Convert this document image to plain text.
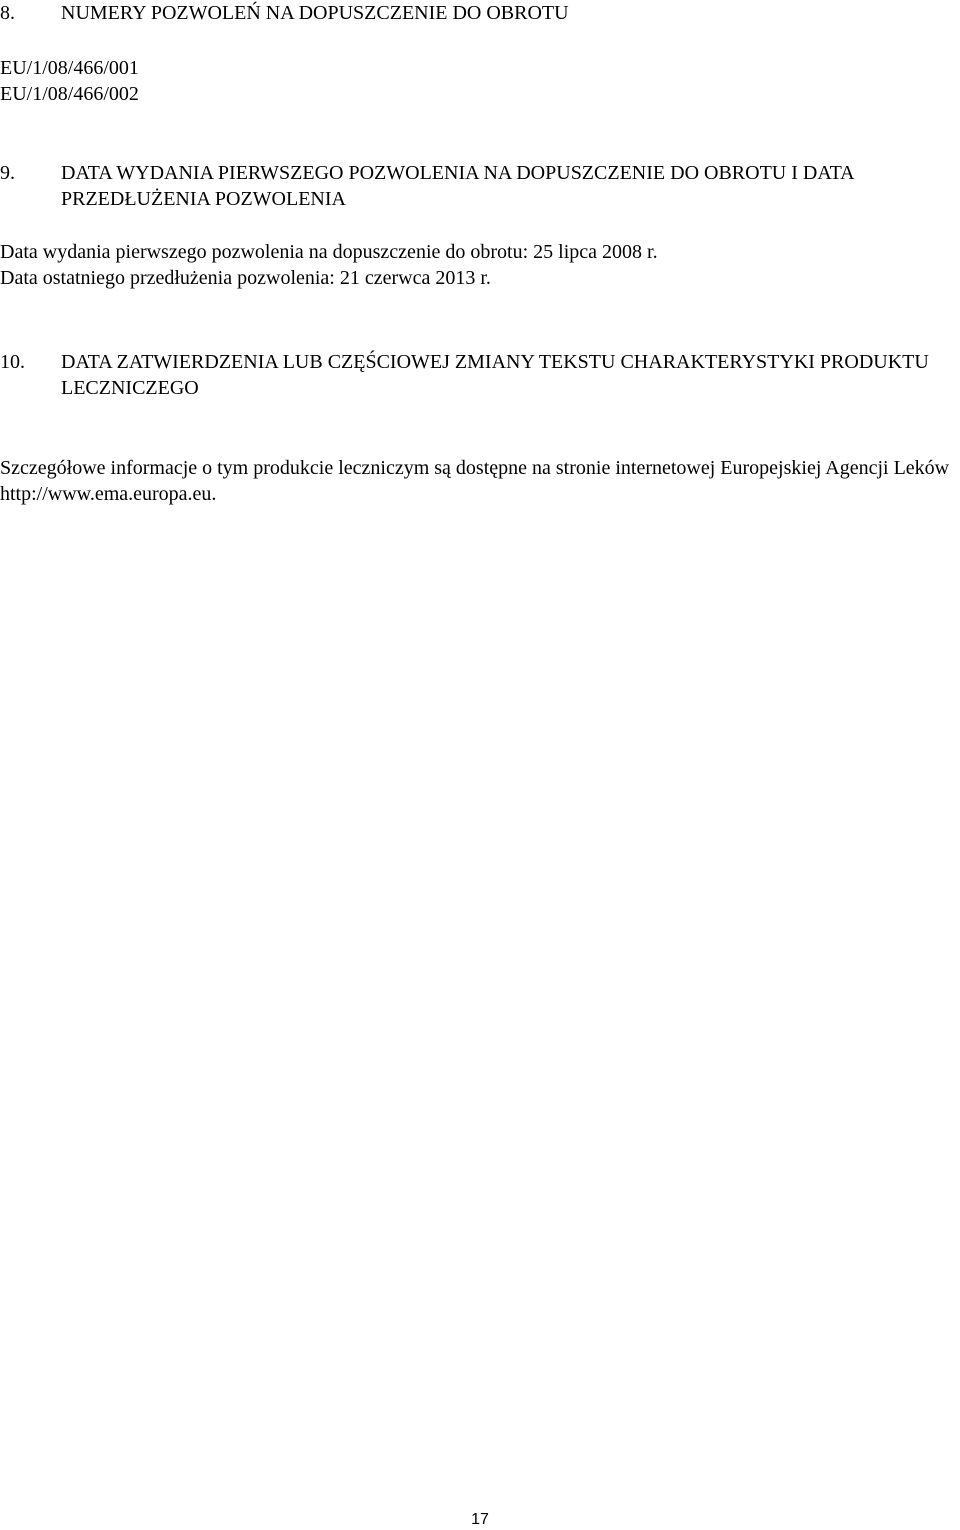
8. NUMERY POZWOLEŃ NA DOPUSZCZENIE DO OBROTU

EU/1/08/466/001

EU/1/08/466/002

9. DATA WYDANIA PIERWSZEGO POZWOLENIA NA DOPUSZCZENIE DO OBROTU I DATA PRZEDŁUŻENIA POZWOLENIA

Data wydania pierwszego pozwolenia na dopuszczenie do obrotu: 25 lipca 2008 r.

Data ostatniego przedłużenia pozwolenia: 21 czerwca 2013 r.

10. DATA ZATWIERDZENIA LUB CZĘŚCIOWEJ ZMIANY TEKSTU CHARAKTERYSTYKI PRODUKTU LECZNICZEGO

Szczegółowe informacje o tym produkcie leczniczym są dostępne na stronie internetowej Europejskiej Agencji Leków http://www.ema.europa.eu.

17
